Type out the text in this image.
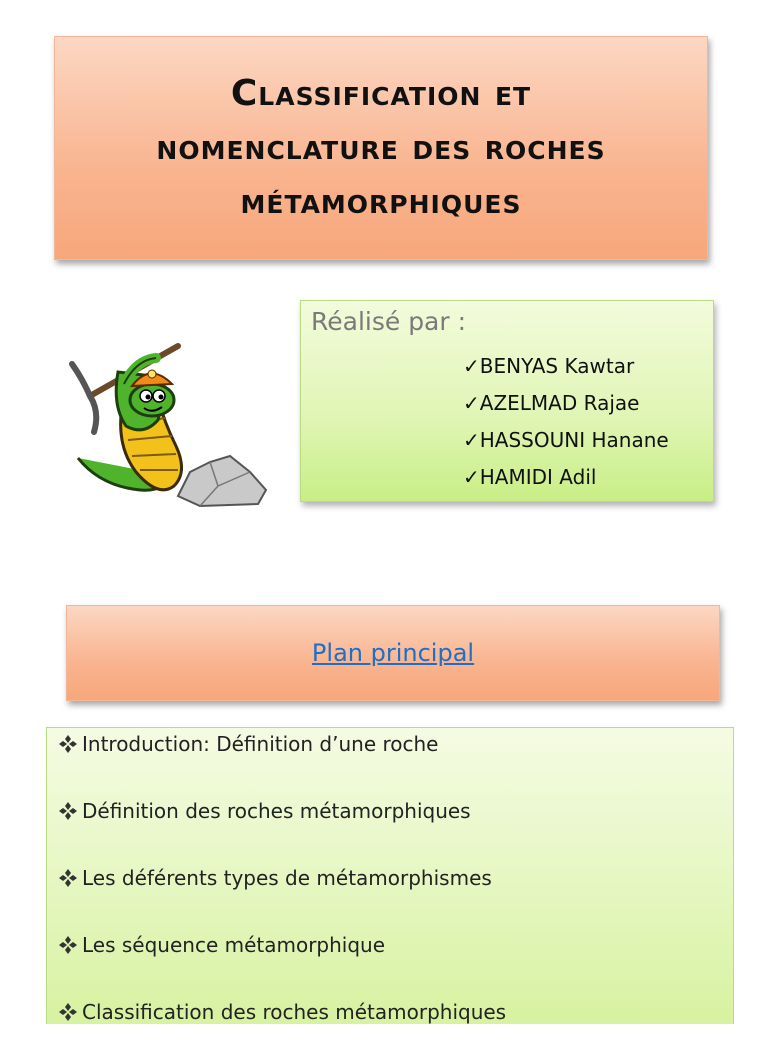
Classification et
nomenclature des roches
métamorphiques
Réalisé par :
✓BENYAS Kawtar
✓AZELMAD Rajae
✓HASSOUNI Hanane
✓HAMIDI Adil
Plan principal
Introduction: Définition d’une roche
Définition des roches métamorphiques
Les déférents types de métamorphismes
Les séquence métamorphique
Classification des roches métamorphiques
